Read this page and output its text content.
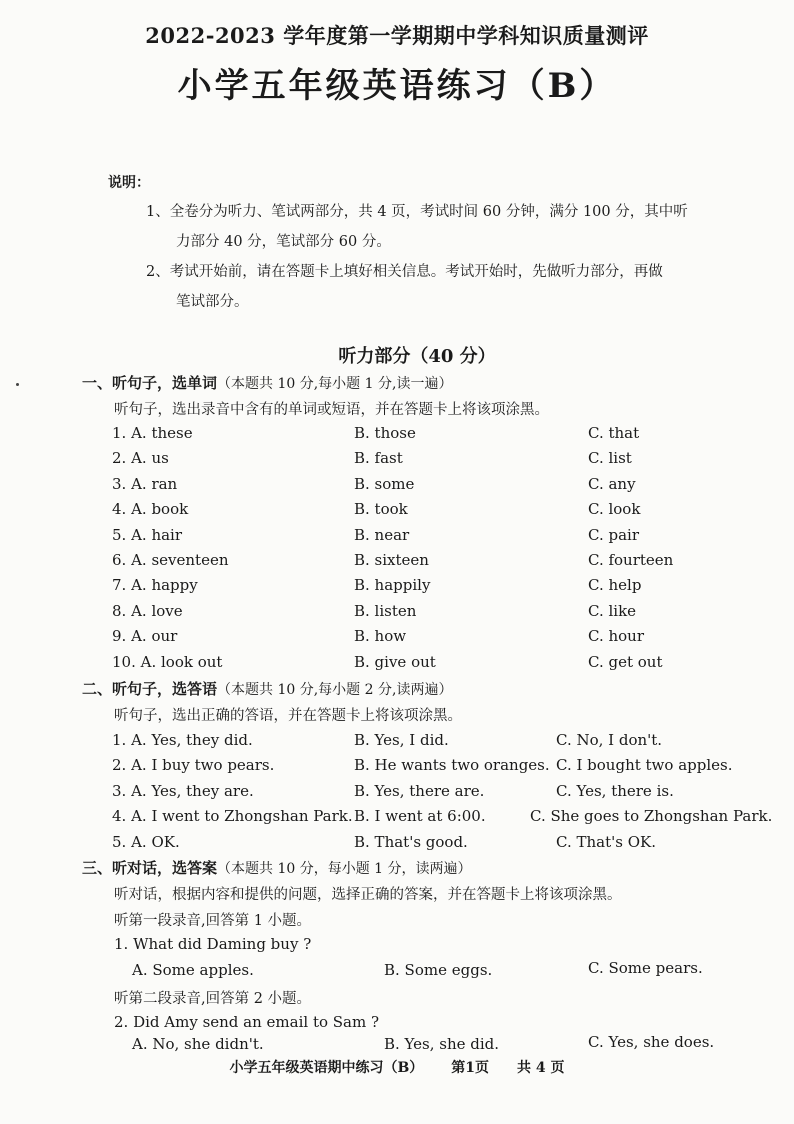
2022-2023 学年度第一学期期中学科知识质量测评
小学五年级英语练习（B）
说明：
1、全卷分为听力、笔试两部分，共 4 页，考试时间 60 分钟，满分 100 分，其中听
力部分 40 分，笔试部分 60 分。
2、考试开始前，请在答题卡上填好相关信息。考试开始时，先做听力部分，再做
笔试部分。
听力部分（40 分）
一、听句子，选单词（本题共 10 分,每小题 1 分,读一遍）
听句子，选出录音中含有的单词或短语，并在答题卡上将该项涂黑。
1. A. these	B. those	C. that
2. A. us	B. fast	C. list
3. A. ran	B. some	C. any
4. A. book	B. took	C. look
5. A. hair	B. near	C. pair
6. A. seventeen	B. sixteen	C. fourteen
7. A. happy	B. happily	C. help
8. A. love	B. listen	C. like
9. A. our	B. how	C. hour
10. A. look out	B. give out	C. get out
二、听句子，选答语（本题共 10 分,每小题 2 分,读两遍）
听句子，选出正确的答语，并在答题卡上将该项涂黑。
1. A. Yes, they did.	B. Yes, I did.	C. No, I don't.
2. A. I buy two pears.	B. He wants two oranges. C. I bought two apples.
3. A. Yes, they are.	B. Yes, there are.	C. Yes, there is.
4. A. I went to Zhongshan Park. B. I went at 6:00.	C. She goes to Zhongshan Park.
5. A. OK.	B. That's good.	C. That's OK.
三、听对话，选答案（本题共 10 分，每小题 1 分，读两遍）
听对话，根据内容和提供的问题，选择正确的答案，并在答题卡上将该项涂黑。
听第一段录音,回答第 1 小题。
1. What did Daming buy ?
A. Some apples.	B. Some eggs.	C. Some pears.
听第二段录音,回答第 2 小题。
2. Did Amy send an email to Sam ?
A. No, she didn't.	B. Yes, she did.	C. Yes, she does.
小学五年级英语期中练习（B） 第1页 共 4 页
